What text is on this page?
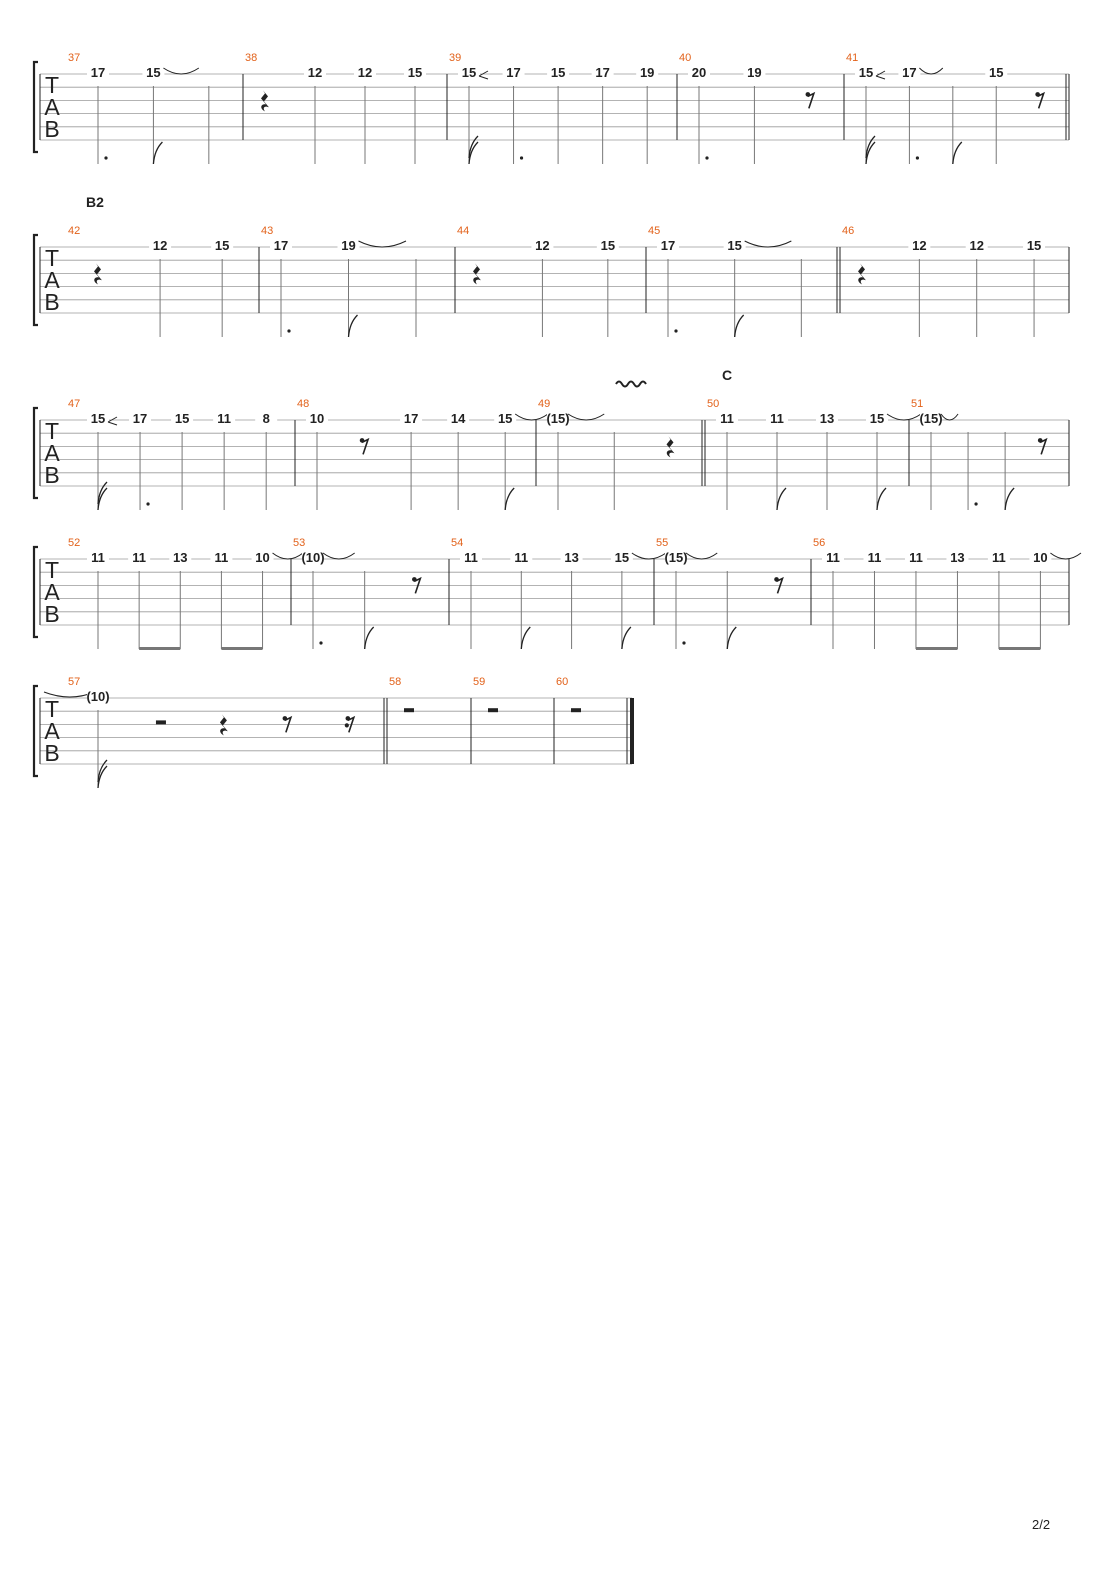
T
A
B
37
17	15
38
12	12	15
39
15 17 15 17 19
40
20	19
41
15 17	15
T
A
B
B2
42
12	15
43
17	19
44
12	15
45
17	15
46
12	12	15
T
A
B
C
47
15 17 15 11 8
48
10	17	14	15
49
(15)
50
11	11	13	15
51
(15)
T
A
B
52
11 11 13 11 10
53
(10)
54
11	11	13	15
55
(15)
56
11 11 11 13 11 10
T
A
B
57
(10)
58	59	60
2/2
